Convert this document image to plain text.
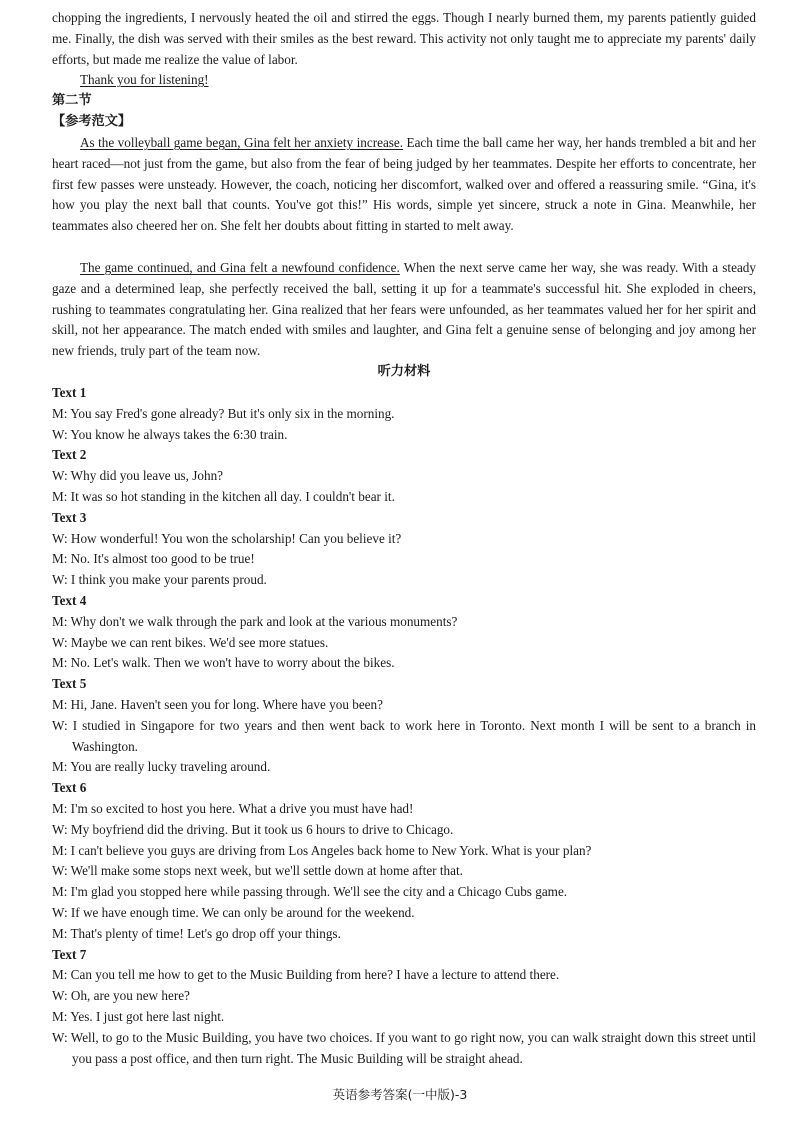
chopping the ingredients, I nervously heated the oil and stirred the eggs. Though I nearly burned them, my parents patiently guided me. Finally, the dish was served with their smiles as the best reward. This activity not only taught me to appreciate my parents' daily efforts, but made me realize the value of labor.
Thank you for listening!
第二节
【参考范文】
As the volleyball game began, Gina felt her anxiety increase. Each time the ball came her way, her hands trembled a bit and her heart raced—not just from the game, but also from the fear of being judged by her teammates. Despite her efforts to concentrate, her first few passes were unsteady. However, the coach, noticing her discomfort, walked over and offered a reassuring smile. “Gina, it's how you play the next ball that counts. You've got this!” His words, simple yet sincere, struck a note in Gina. Meanwhile, her teammates also cheered her on. She felt her doubts about fitting in started to melt away.
The game continued, and Gina felt a newfound confidence. When the next serve came her way, she was ready. With a steady gaze and a determined leap, she perfectly received the ball, setting it up for a teammate's successful hit. She exploded in cheers, rushing to teammates congratulating her. Gina realized that her fears were unfounded, as her teammates valued her for her spirit and skill, not her appearance. The match ended with smiles and laughter, and Gina felt a genuine sense of belonging and joy among her new friends, truly part of the team now.
听力材料
Text 1
M: You say Fred's gone already? But it's only six in the morning.
W: You know he always takes the 6:30 train.
Text 2
W: Why did you leave us, John?
M: It was so hot standing in the kitchen all day. I couldn't bear it.
Text 3
W: How wonderful! You won the scholarship! Can you believe it?
M: No. It's almost too good to be true!
W: I think you make your parents proud.
Text 4
M: Why don't we walk through the park and look at the various monuments?
W: Maybe we can rent bikes. We'd see more statues.
M: No. Let's walk. Then we won't have to worry about the bikes.
Text 5
M: Hi, Jane. Haven't seen you for long. Where have you been?
W: I studied in Singapore for two years and then went back to work here in Toronto. Next month I will be sent to a branch in Washington.
M: You are really lucky traveling around.
Text 6
M: I'm so excited to host you here. What a drive you must have had!
W: My boyfriend did the driving. But it took us 6 hours to drive to Chicago.
M: I can't believe you guys are driving from Los Angeles back home to New York. What is your plan?
W: We'll make some stops next week, but we'll settle down at home after that.
M: I'm glad you stopped here while passing through. We'll see the city and a Chicago Cubs game.
W: If we have enough time. We can only be around for the weekend.
M: That's plenty of time! Let's go drop off your things.
Text 7
M: Can you tell me how to get to the Music Building from here? I have a lecture to attend there.
W: Oh, are you new here?
M: Yes. I just got here last night.
W: Well, to go to the Music Building, you have two choices. If you want to go right now, you can walk straight down this street until you pass a post office, and then turn right. The Music Building will be straight ahead.
英语参考答案(一中版)-3
